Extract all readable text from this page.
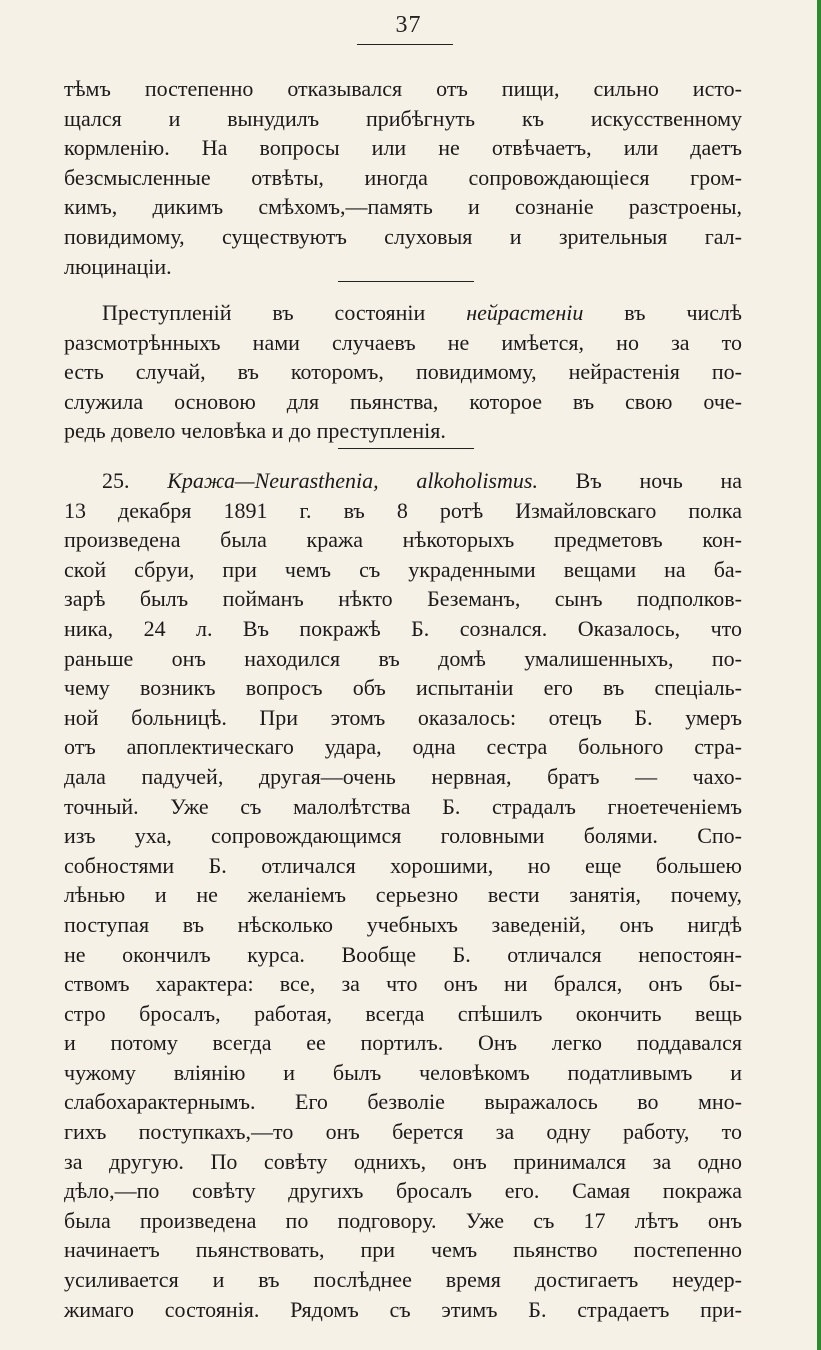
37
тѣмъ постепенно отказывался отъ пищи, сильно исто-
щался и вынудилъ прибѣгнуть къ искусственному
кормленію. На вопросы или не отвѣчаетъ, или даетъ
безсмысленные отвѣты, иногда сопровождающіеся гром-
кимъ, дикимъ смѣхомъ,—память и сознаніе разстроены,
повидимому, существуютъ слуховыя и зрительныя гал-
люцинаціи.
Преступленій въ состояніи нейрастеніи въ числѣ
разсмотрѣнныхъ нами случаевъ не имѣется, но за то
есть случай, въ которомъ, повидимому, нейрастенія по-
служила основою для пьянства, которое въ свою оче-
редь довело человѣка и до преступленія.
25. Кража—Neurasthenia, alkoholismus. Въ ночь на
13 декабря 1891 г. въ 8 ротѣ Измайловскаго полка
произведена была кража нѣкоторыхъ предметовъ кон-
ской сбруи, при чемъ съ украденными вещами на ба-
зарѣ былъ пойманъ нѣкто Беземанъ, сынъ подполков-
ника, 24 л. Въ покражѣ Б. сознался. Оказалось, что
раньше онъ находился въ домѣ умалишенныхъ, по-
чему возникъ вопросъ объ испытаніи его въ спеціаль-
ной больницѣ. При этомъ оказалось: отецъ Б. умеръ
отъ апоплектическаго удара, одна сестра больного стра-
дала падучей, другая—очень нервная, братъ — чахо-
точный. Уже съ малолѣтства Б. страдалъ гноетеченіемъ
изъ уха, сопровождающимся головными болями. Спо-
собностями Б. отличался хорошими, но еще большею
лѣнью и не желаніемъ серьезно вести занятія, почему,
поступая въ нѣсколько учебныхъ заведеній, онъ нигдѣ
не окончилъ курса. Вообще Б. отличался непостоян-
ствомъ характера: все, за что онъ ни брался, онъ бы-
стро бросалъ, работая, всегда спѣшилъ окончить вещь
и потому всегда ее портилъ. Онъ легко поддавался
чужому вліянію и былъ человѣкомъ податливымъ и
слабохарактернымъ. Его безволіе выражалось во мно-
гихъ поступкахъ,—то онъ берется за одну работу, то
за другую. По совѣту однихъ, онъ принимался за одно
дѣло,—по совѣту другихъ бросалъ его. Самая покража
была произведена по подговору. Уже съ 17 лѣтъ онъ
начинаетъ пьянствовать, при чемъ пьянство постепенно
усиливается и въ послѣднее время достигаетъ неудер-
жимаго состоянія. Рядомъ съ этимъ Б. страдаетъ при-
